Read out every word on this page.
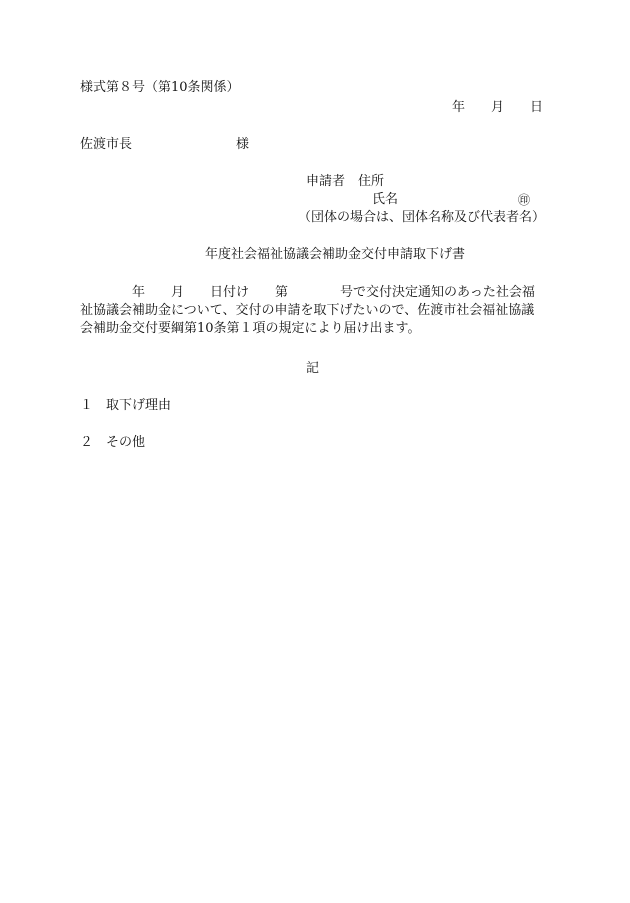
様式第８号（第10条関係）
年　　月　　日
佐渡市長　　　　　　　　様
申請者　住所
氏名	㊞
（団体の場合は、団体名称及び代表者名）
年度社会福祉協議会補助金交付申請取下げ書
　　　　年　　月　　日付け　　第　　　　号で交付決定通知のあった社会福
祉協議会補助金について、交付の申請を取下げたいので、佐渡市社会福祉協議
会補助金交付要綱第10条第１項の規定により届け出ます。
記
１　取下げ理由
２　その他
